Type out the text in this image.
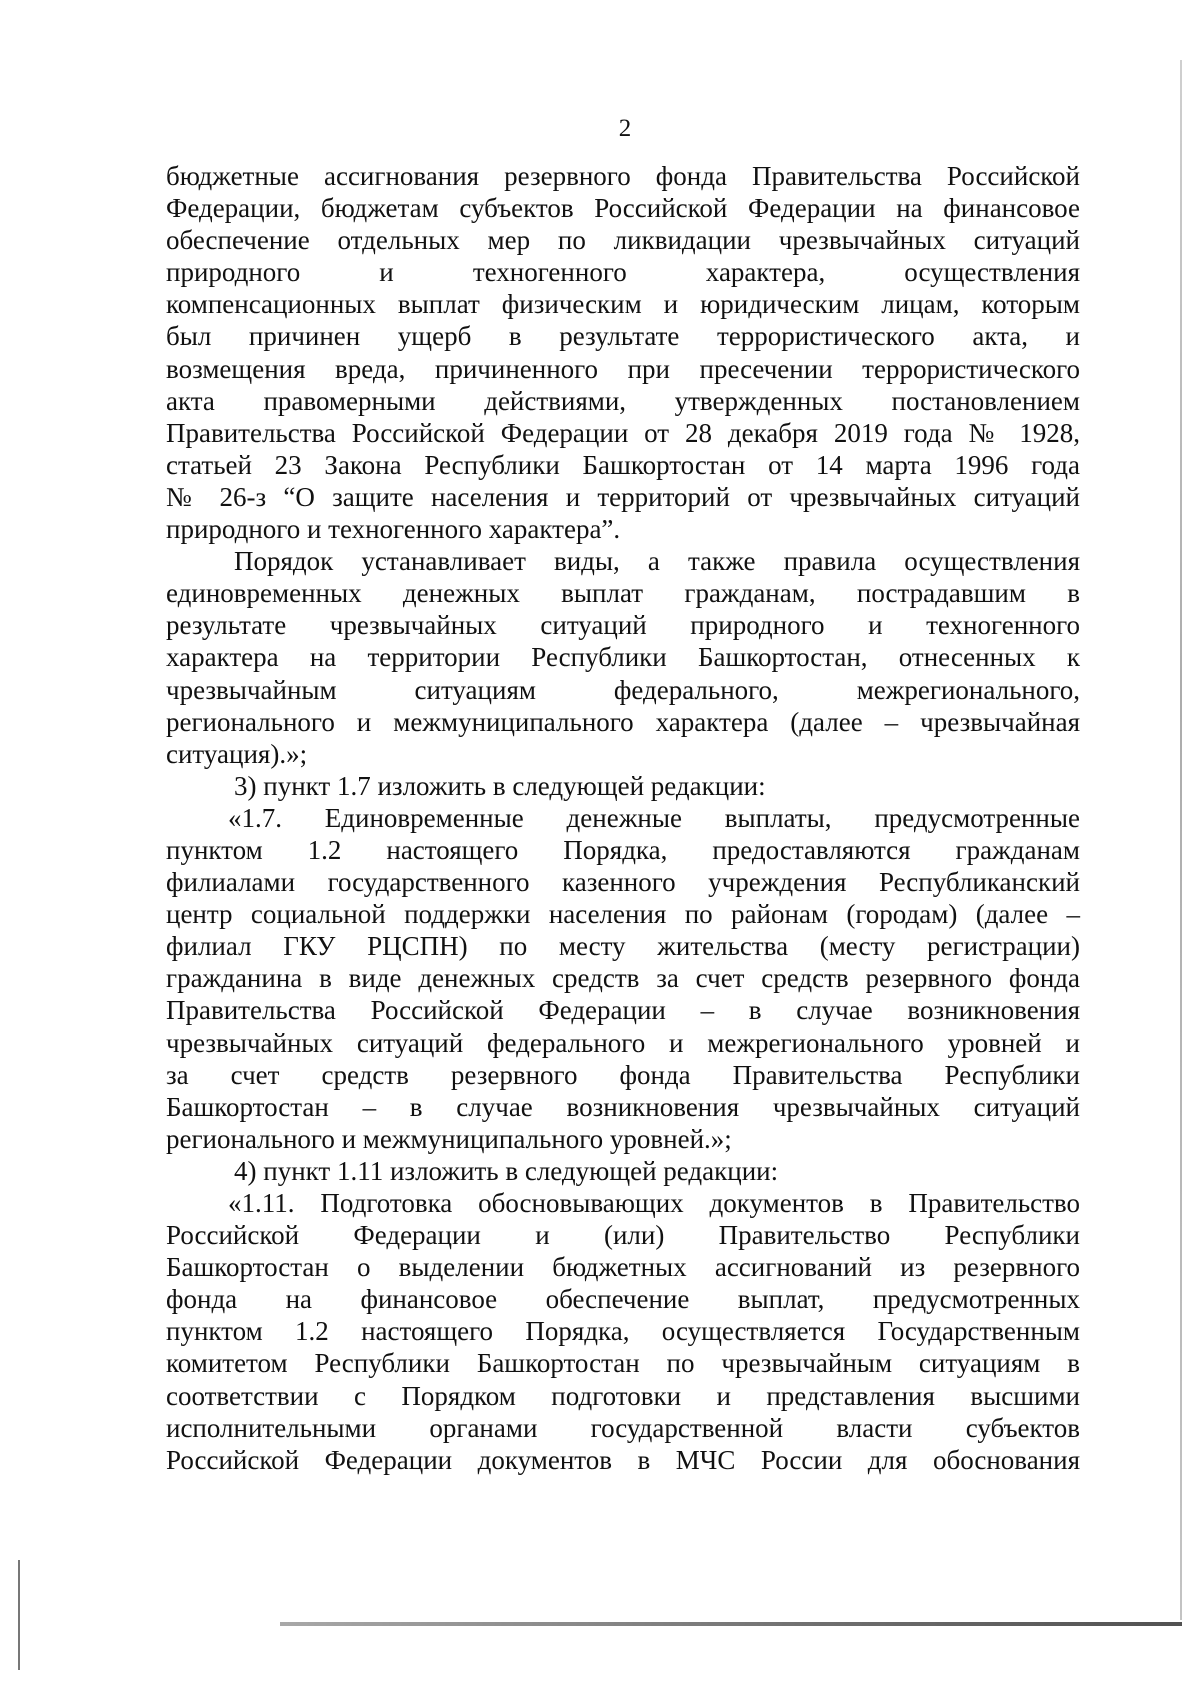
2
бюджетные ассигнования резервного фонда Правительства Российской
Федерации, бюджетам субъектов Российской Федерации на финансовое
обеспечение отдельных мер по ликвидации чрезвычайных ситуаций
природного и техногенного характера, осуществления
компенсационных выплат физическим и юридическим лицам, которым
был причинен ущерб в результате террористического акта, и
возмещения вреда, причиненного при пресечении террористического
акта правомерными действиями, утвержденных постановлением
Правительства Российской Федерации от 28 декабря 2019 года № 1928,
статьей 23 Закона Республики Башкортостан от 14 марта 1996 года
№ 26-з “О защите населения и территорий от чрезвычайных ситуаций
природного и техногенного характера”.
Порядок устанавливает виды, а также правила осуществления
единовременных денежных выплат гражданам, пострадавшим в
результате чрезвычайных ситуаций природного и техногенного
характера на территории Республики Башкортостан, отнесенных к
чрезвычайным ситуациям федерального, межрегионального,
регионального и межмуниципального характера (далее – чрезвычайная
ситуация).»;
3) пункт 1.7 изложить в следующей редакции:
«1.7. Единовременные денежные выплаты, предусмотренные
пунктом 1.2 настоящего Порядка, предоставляются гражданам
филиалами государственного казенного учреждения Республиканский
центр социальной поддержки населения по районам (городам) (далее –
филиал ГКУ РЦСПН) по месту жительства (месту регистрации)
гражданина в виде денежных средств за счет средств резервного фонда
Правительства Российской Федерации – в случае возникновения
чрезвычайных ситуаций федерального и межрегионального уровней и
за счет средств резервного фонда Правительства Республики
Башкортостан – в случае возникновения чрезвычайных ситуаций
регионального и межмуниципального уровней.»;
4) пункт 1.11 изложить в следующей редакции:
«1.11. Подготовка обосновывающих документов в Правительство
Российской Федерации и (или) Правительство Республики
Башкортостан о выделении бюджетных ассигнований из резервного
фонда на финансовое обеспечение выплат, предусмотренных
пунктом 1.2 настоящего Порядка, осуществляется Государственным
комитетом Республики Башкортостан по чрезвычайным ситуациям в
соответствии с Порядком подготовки и представления высшими
исполнительными органами государственной власти субъектов
Российской Федерации документов в МЧС России для обоснования
